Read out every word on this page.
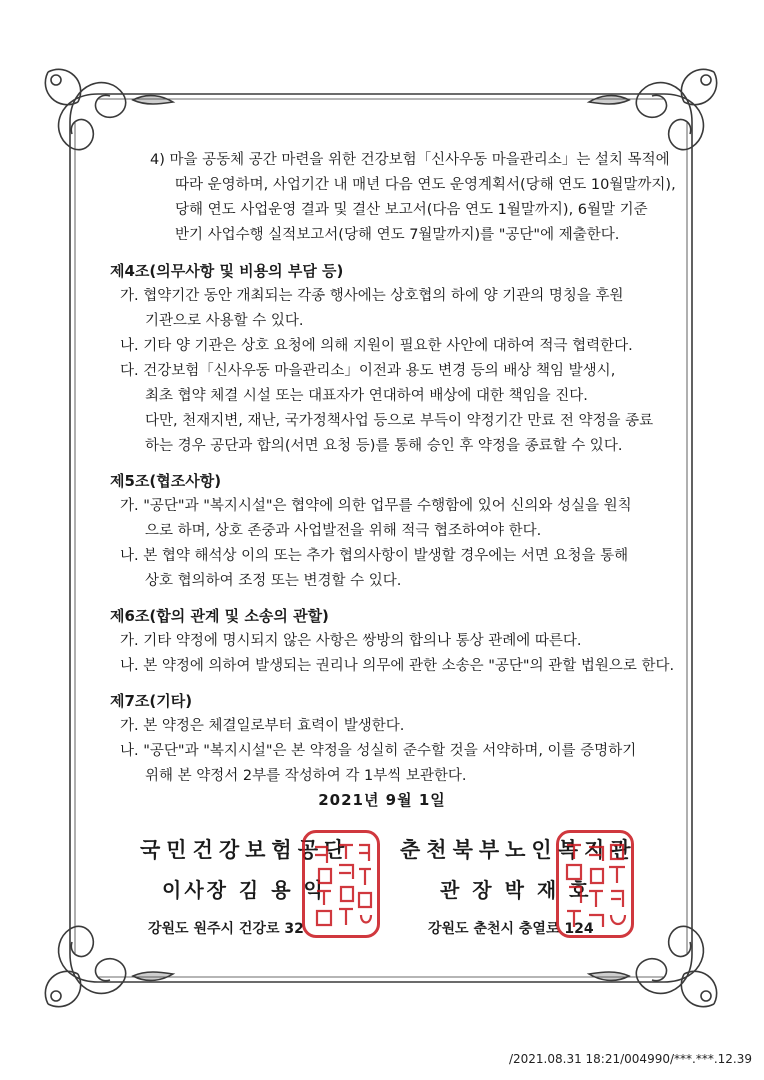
4) 마을 공동체 공간 마련을 위한 건강보험「신사우동 마을관리소」는 설치 목적에
따라 운영하며, 사업기간 내 매년 다음 연도 운영계획서(당해 연도 10월말까지),
당해 연도 사업운영 결과 및 결산 보고서(다음 연도 1월말까지), 6월말 기준
반기 사업수행 실적보고서(당해 연도 7월말까지)를 "공단"에 제출한다.
제4조(의무사항 및 비용의 부담 등)
가. 협약기간 동안 개최되는 각종 행사에는 상호협의 하에 양 기관의 명칭을 후원
기관으로 사용할 수 있다.
나. 기타 양 기관은 상호 요청에 의해 지원이 필요한 사안에 대하여 적극 협력한다.
다. 건강보험「신사우동 마을관리소」이전과 용도 변경 등의 배상 책임 발생시,
최초 협약 체결 시설 또는 대표자가 연대하여 배상에 대한 책임을 진다.
다만, 천재지변, 재난, 국가정책사업 등으로 부득이 약정기간 만료 전 약정을 종료
하는 경우 공단과 합의(서면 요청 등)를 통해 승인 후 약정을 종료할 수 있다.
제5조(협조사항)
가. "공단"과 "복지시설"은 협약에 의한 업무를 수행함에 있어 신의와 성실을 원칙
으로 하며, 상호 존중과 사업발전을 위해 적극 협조하여야 한다.
나. 본 협약 해석상 이의 또는 추가 협의사항이 발생할 경우에는 서면 요청을 통해
상호 협의하여 조정 또는 변경할 수 있다.
제6조(합의 관계 및 소송의 관할)
가. 기타 약정에 명시되지 않은 사항은 쌍방의 합의나 통상 관례에 따른다.
나. 본 약정에 의하여 발생되는 권리나 의무에 관한 소송은 "공단"의 관할 법원으로 한다.
제7조(기타)
가. 본 약정은 체결일로부터 효력이 발생한다.
나. "공단"과 "복지시설"은 본 약정을 성실히 준수할 것을 서약하며, 이를 증명하기
위해 본 약정서 2부를 작성하여 각 1부씩 보관한다.
2021년 9월 1일
국민건강보험공단
이사장 김 용 익
강원도 원주시 건강로 32
춘천북부노인복지관
관 장 박 재 호
강원도 춘천시 충열로 124
/2021.08.31 18:21/004990/***.***.12.39
